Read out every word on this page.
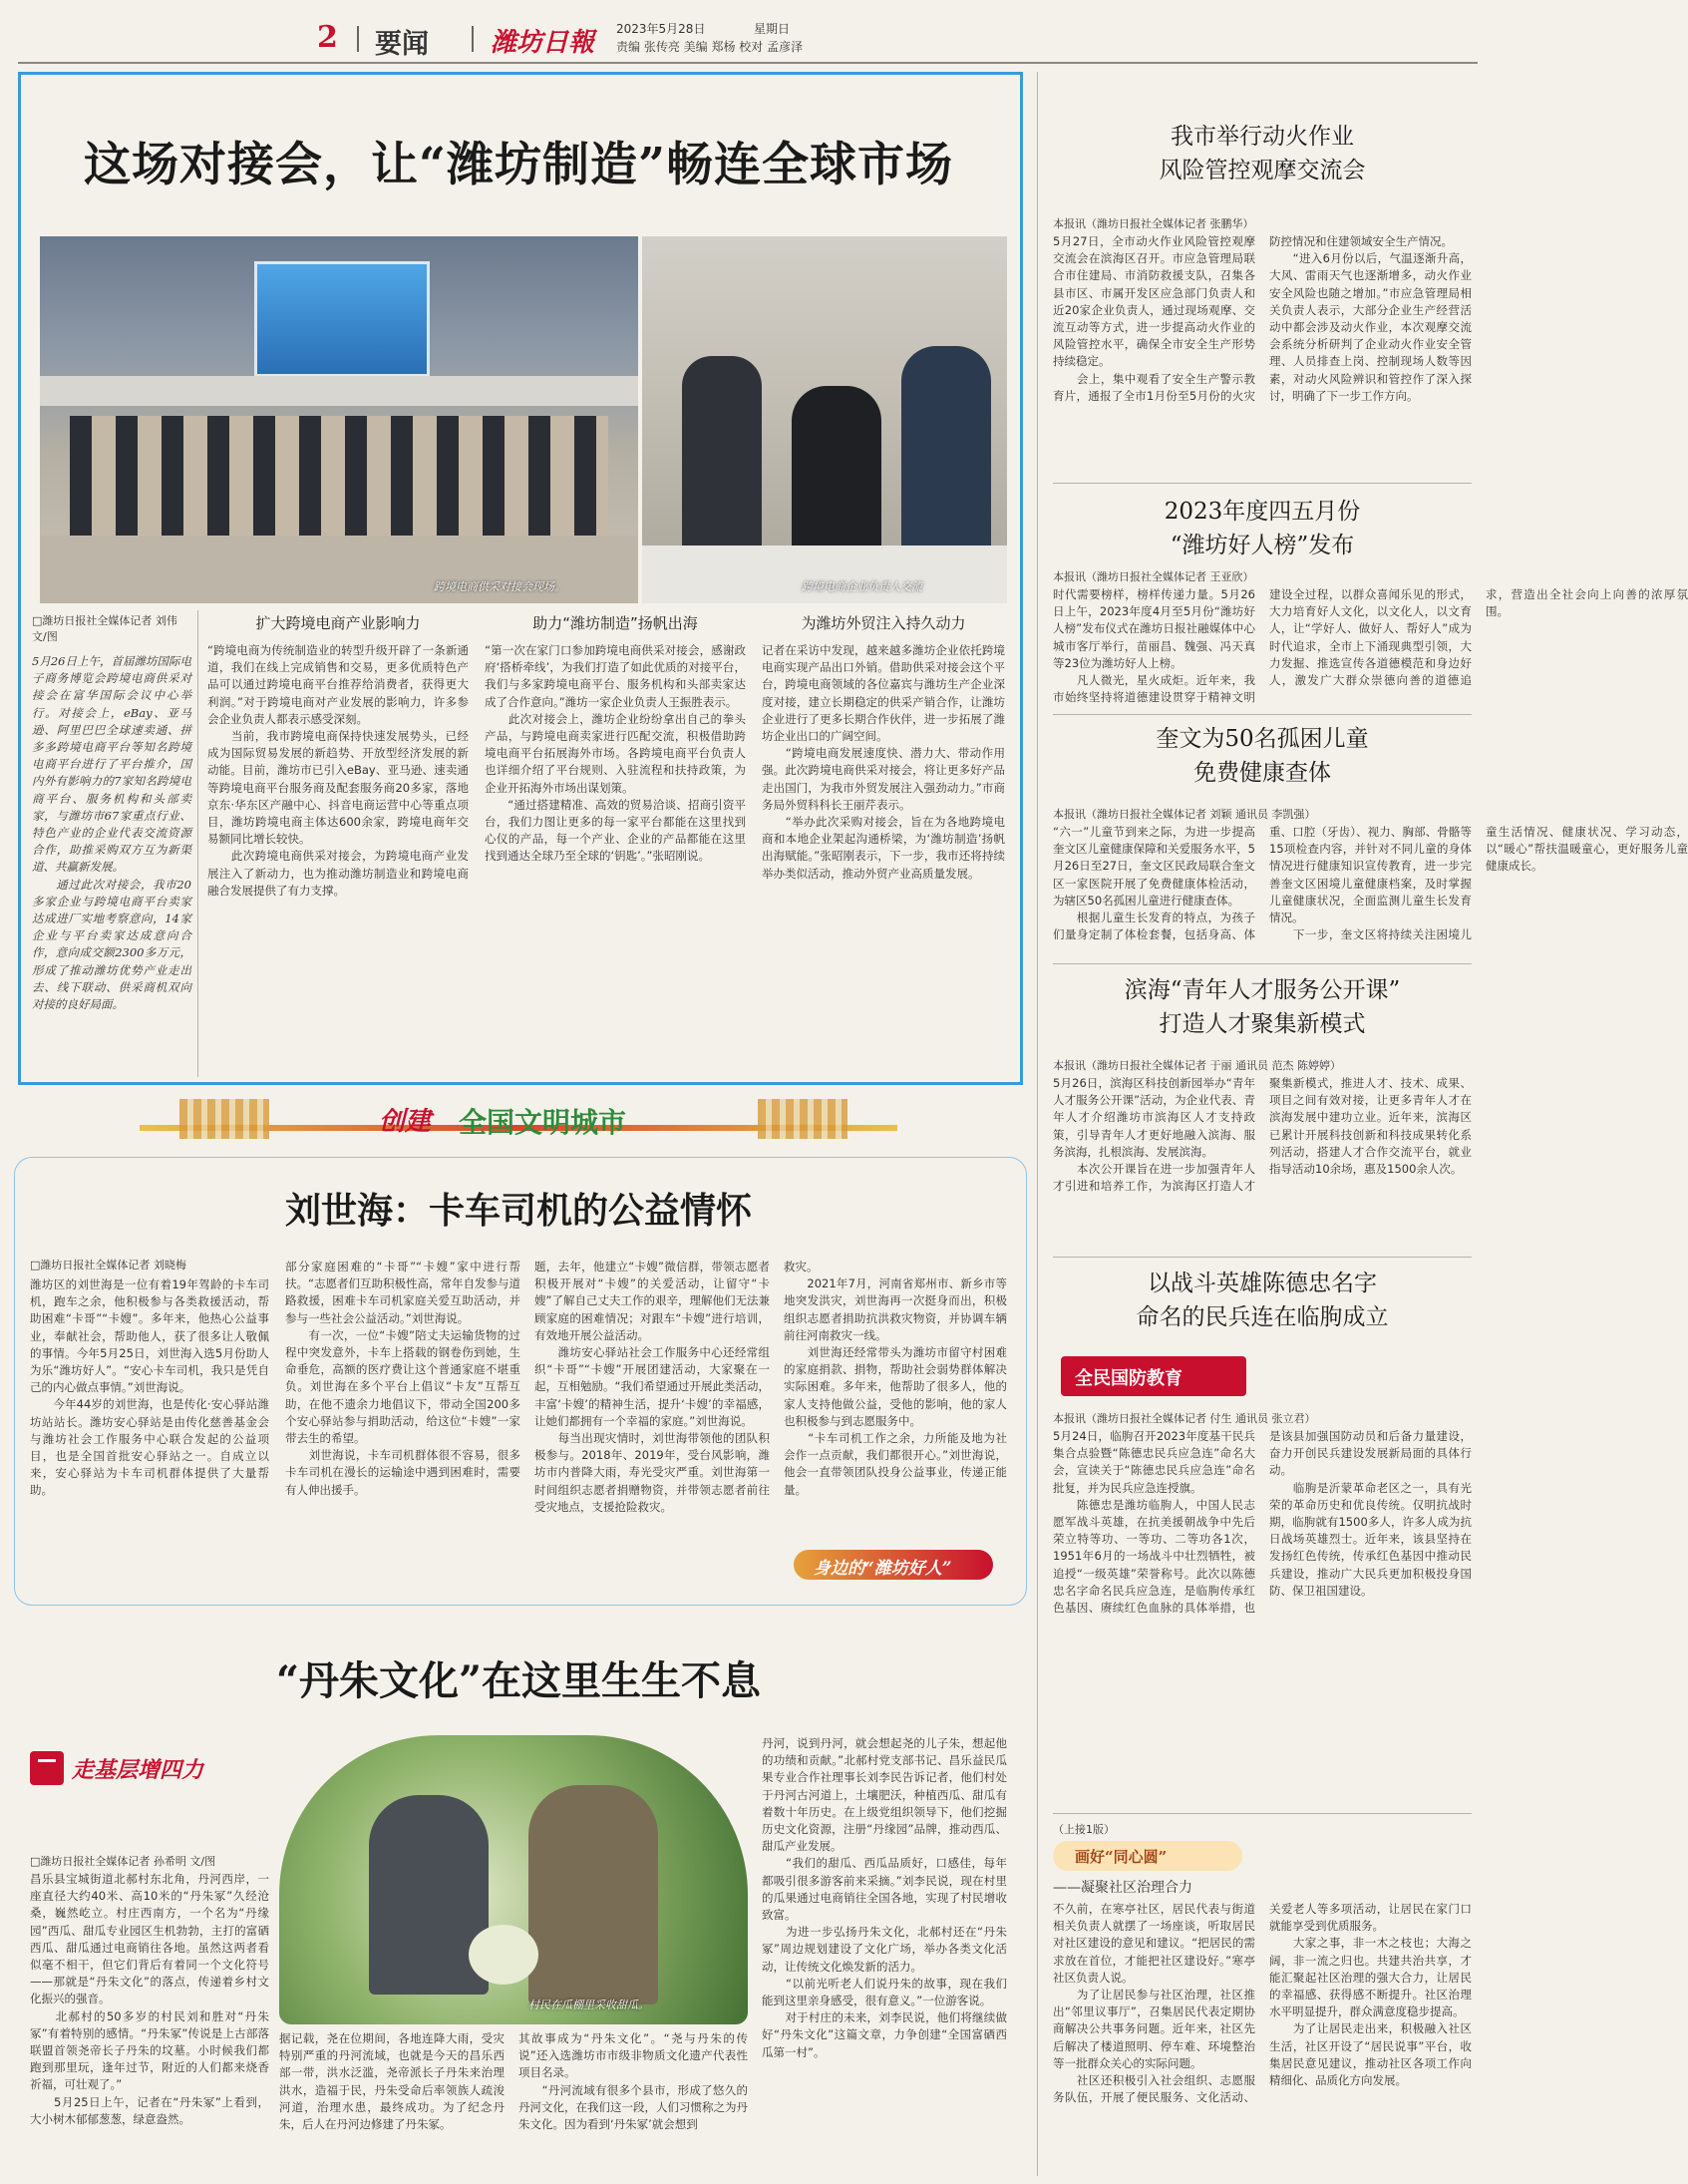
2 要闻 潍坊日報 2023年5月28日	星期日
责编 张传亮 美编 郑杨 校对 孟彦泽
这场对接会，让“潍坊制造”畅连全球市场
跨境电商供采对接会现场。	跨境电商企业负责人交流
□潍坊日报社全媒体记者 刘伟 文/图
5月26日上午，首届潍坊国际电子商务博览会跨境电商供采对接会在富华国际会议中心举行。对接会上，eBay、亚马逊、阿里巴巴全球速卖通、拼多多跨境电商平台等知名跨境电商平台进行了平台推介，国内外有影响力的7家知名跨境电商平台、服务机构和头部卖家，与潍坊市67家重点行业、特色产业的企业代表交流资源合作，助推采购双方互为新渠道、共赢新发展。
　　通过此次对接会，我市20多家企业与跨境电商平台卖家达成进厂实地考察意向，14家企业与平台卖家达成意向合作，意向成交额2300多万元，形成了推动潍坊优势产业走出去、线下联动、供采商机双向对接的良好局面。
扩大跨境电商产业影响力
“跨境电商为传统制造业的转型升级开辟了一条新通道，我们在线上完成销售和交易，更多优质特色产品可以通过跨境电商平台推荐给消费者，获得更大利润。”对于跨境电商对产业发展的影响力，许多参会企业负责人都表示感受深刻。
　　当前，我市跨境电商保持快速发展势头，已经成为国际贸易发展的新趋势、开放型经济发展的新动能。目前，潍坊市已引入eBay、亚马逊、速卖通等跨境电商平台服务商及配套服务商20多家，落地京东·华东区产融中心、抖音电商运营中心等重点项目，潍坊跨境电商主体达600余家，跨境电商年交易额同比增长较快。
　　此次跨境电商供采对接会，为跨境电商产业发展注入了新动力，也为推动潍坊制造业和跨境电商融合发展提供了有力支撑。
助力“潍坊制造”扬帆出海
“第一次在家门口参加跨境电商供采对接会，感谢政府‘搭桥牵线’，为我们打造了如此优质的对接平台，我们与多家跨境电商平台、服务机构和头部卖家达成了合作意向。”潍坊一家企业负责人王振胜表示。
　　此次对接会上，潍坊企业纷纷拿出自己的拳头产品，与跨境电商卖家进行匹配交流，积极借助跨境电商平台拓展海外市场。各跨境电商平台负责人也详细介绍了平台规则、入驻流程和扶持政策，为企业开拓海外市场出谋划策。
　　“通过搭建精准、高效的贸易洽谈、招商引资平台，我们力图让更多的每一家平台都能在这里找到心仪的产品，每一个产业、企业的产品都能在这里找到通达全球乃至全球的‘钥匙’。”张昭刚说。
为潍坊外贸注入持久动力
记者在采访中发现，越来越多潍坊企业依托跨境电商实现产品出口外销。借助供采对接会这个平台，跨境电商领域的各位嘉宾与潍坊生产企业深度对接，建立长期稳定的供采产销合作，让潍坊企业进行了更多长期合作伙伴，进一步拓展了潍坊企业出口的广阔空间。
　　“跨境电商发展速度快、潜力大、带动作用强。此次跨境电商供采对接会，将让更多好产品走出国门，为我市外贸发展注入强劲动力。”市商务局外贸科科长王丽芹表示。
　　“举办此次采购对接会，旨在为各地跨境电商和本地企业架起沟通桥梁，为‘潍坊制造’扬帆出海赋能。”张昭刚表示，下一步，我市还将持续举办类似活动，推动外贸产业高质量发展。
创建 全国文明城市
刘世海：卡车司机的公益情怀
□潍坊日报社全媒体记者 刘晓梅
潍坊区的刘世海是一位有着19年驾龄的卡车司机，跑车之余，他积极参与各类救援活动，帮助困难“卡哥”“卡嫂”。多年来，他热心公益事业，奉献社会，帮助他人，获了很多让人敬佩的事情。今年5月25日，刘世海入选5月份助人为乐“潍坊好人”。“安心卡车司机，我只是凭自己的内心做点事情。”刘世海说。
　　今年44岁的刘世海，也是传化·安心驿站潍坊站站长。潍坊安心驿站是由传化慈善基金会与潍坊社会工作服务中心联合发起的公益项目，也是全国首批安心驿站之一。自成立以来，安心驿站为卡车司机群体提供了大量帮助。
部分家庭困难的“卡哥”“卡嫂”家中进行帮扶。“志愿者们互助积极性高，常年自发参与道路救援，困难卡车司机家庭关爱互助活动，并参与一些社会公益活动。”刘世海说。
　　有一次，一位“卡嫂”陪丈夫运输货物的过程中突发意外，卡车上搭载的钢卷伤到她，生命垂危，高额的医疗费让这个普通家庭不堪重负。刘世海在多个平台上倡议“卡友”互帮互助，在他不遗余力地倡议下，带动全国200多个安心驿站参与捐助活动，给这位“卡嫂”一家带去生的希望。
　　刘世海说，卡车司机群体很不容易，很多卡车司机在漫长的运输途中遇到困难时，需要有人伸出援手。
题，去年，他建立“卡嫂”微信群，带领志愿者积极开展对“卡嫂”的关爱活动，让留守“卡嫂”了解自己丈夫工作的艰辛，理解他们无法兼顾家庭的困难情况；对跟车“卡嫂”进行培训，有效地开展公益活动。
　　潍坊安心驿站社会工作服务中心还经常组织“卡哥”“卡嫂”开展团建活动，大家聚在一起，互相勉励。“我们希望通过开展此类活动，丰富‘卡嫂’的精神生活，提升‘卡嫂’的幸福感，让她们都拥有一个幸福的家庭。”刘世海说。
　　每当出现灾情时，刘世海带领他的团队积极参与。2018年、2019年，受台风影响，潍坊市内普降大雨，寿光受灾严重。刘世海第一时间组织志愿者捐赠物资，并带领志愿者前往受灾地点，支援抢险救灾。
救灾。
　　2021年7月，河南省郑州市、新乡市等地突发洪灾，刘世海再一次挺身而出，积极组织志愿者捐助抗洪救灾物资，并协调车辆前往河南救灾一线。
　　刘世海还经常带头为潍坊市留守村困难的家庭捐款、捐物，帮助社会弱势群体解决实际困难。多年来，他帮助了很多人，他的家人支持他做公益，受他的影响，他的家人也积极参与到志愿服务中。
　　“卡车司机工作之余，力所能及地为社会作一点贡献，我们都很开心。”刘世海说，他会一直带领团队投身公益事业，传递正能量。
身边的“潍坊好人”
“丹朱文化”在这里生生不息
走基层增四力
□潍坊日报社全媒体记者 孙希明 文/图
昌乐县宝城街道北郝村东北角，丹河西岸，一座直径大约40米、高10米的“丹朱冢”久经沧桑，巍然屹立。村庄西南方，一个名为“丹缘园”西瓜、甜瓜专业园区生机勃勃，主打的富硒西瓜、甜瓜通过电商销往各地。虽然这两者看似毫不相干，但它们背后有着同一个文化符号——那就是“丹朱文化”的落点，传递着乡村文化振兴的强音。
　　北郝村的50多岁的村民刘和胜对“丹朱冢”有着特别的感情。“丹朱冢”传说是上古部落联盟首领尧帝长子丹朱的坟墓。小时候我们都跑到那里玩，逢年过节，附近的人们都来烧香祈福，可壮观了。”
　　5月25日上午，记者在“丹朱冢”上看到，大小树木郁郁葱葱，绿意盎然。
村民在瓜棚里采收甜瓜。
据记载，尧在位期间，各地连降大雨，受灾特别严重的丹河流域，也就是今天的昌乐西部一带，洪水泛滥，尧帝派长子丹朱来治理洪水，造福于民，丹朱受命后率领族人疏浚河道，治理水患，最终成功。为了纪念丹朱，后人在丹河边修建了丹朱冢。
其故事成为“丹朱文化”。“尧与丹朱的传说”还入选潍坊市市级非物质文化遗产代表性项目名录。
　　“丹河流域有很多个县市，形成了悠久的丹河文化，在我们这一段，人们习惯称之为丹朱文化。因为看到‘丹朱冢’就会想到
丹河，说到丹河，就会想起尧的儿子朱，想起他的功绩和贡献。”北郝村党支部书记、昌乐益民瓜果专业合作社理事长刘李民告诉记者，他们村处于丹河古河道上，土壤肥沃，种植西瓜、甜瓜有着数十年历史。在上级党组织领导下，他们挖掘历史文化资源，注册“丹缘园”品牌，推动西瓜、甜瓜产业发展。
　　“我们的甜瓜、西瓜品质好，口感佳，每年都吸引很多游客前来采摘。”刘李民说，现在村里的瓜果通过电商销往全国各地，实现了村民增收致富。
　　为进一步弘扬丹朱文化，北郝村还在“丹朱冢”周边规划建设了文化广场，举办各类文化活动，让传统文化焕发新的活力。
　　“以前光听老人们说丹朱的故事，现在我们能到这里亲身感受，很有意义。”一位游客说。
　　对于村庄的未来，刘李民说，他们将继续做好“丹朱文化”这篇文章，力争创建“全国富硒西瓜第一村”。
我市举行动火作业
风险管控观摩交流会
本报讯（潍坊日报社全媒体记者 张鹏华）
5月27日，全市动火作业风险管控观摩交流会在滨海区召开。市应急管理局联合市住建局、市消防救援支队，召集各县市区、市属开发区应急部门负责人和近20家企业负责人，通过现场观摩、交流互动等方式，进一步提高动火作业的风险管控水平，确保全市安全生产形势持续稳定。
　　会上，集中观看了安全生产警示教育片，通报了全市1月份至5月份的火灾防控情况和住建领域安全生产情况。
　　“进入6月份以后，气温逐渐升高，大风、雷雨天气也逐渐增多，动火作业安全风险也随之增加。”市应急管理局相关负责人表示，大部分企业生产经营活动中都会涉及动火作业，本次观摩交流会系统分析研判了企业动火作业安全管理、人员排查上岗、控制现场人数等因素，对动火风险辨识和管控作了深入探讨，明确了下一步工作方向。
2023年度四五月份
“潍坊好人榜”发布
本报讯（潍坊日报社全媒体记者 王亚欣）
时代需要榜样，榜样传递力量。5月26日上午，2023年度4月至5月份“潍坊好人榜”发布仪式在潍坊日报社融媒体中心城市客厅举行，苗丽昌、魏强、冯天真等23位为潍坊好人上榜。
　　凡人微光，星火成炬。近年来，我市始终坚持将道德建设贯穿于精神文明建设全过程，以群众喜闻乐见的形式，大力培育好人文化，以文化人，以文育人，让“学好人、做好人、帮好人”成为时代追求，全市上下涌现典型引领，大力发掘、推选宣传各道德模范和身边好人，激发广大群众崇德向善的道德追求，营造出全社会向上向善的浓厚氛围。
奎文为50名孤困儿童
免费健康查体
本报讯（潍坊日报社全媒体记者 刘颖 通讯员 李凯强）
“六一”儿童节到来之际，为进一步提高奎文区儿童健康保障和关爱服务水平，5月26日至27日，奎文区民政局联合奎文区一家医院开展了免费健康体检活动，为辖区50名孤困儿童进行健康查体。
　　根据儿童生长发育的特点，为孩子们量身定制了体检套餐，包括身高、体重、口腔（牙齿）、视力、胸部、骨骼等15项检查内容，并针对不同儿童的身体情况进行健康知识宣传教育，进一步完善奎文区困境儿童健康档案，及时掌握儿童健康状况，全面监测儿童生长发育情况。
　　下一步，奎文区将持续关注困境儿童生活情况、健康状况、学习动态，以“暖心”帮扶温暖童心，更好服务儿童健康成长。
滨海“青年人才服务公开课”
打造人才聚集新模式
本报讯（潍坊日报社全媒体记者 于丽 通讯员 范杰 陈婷婷）
5月26日，滨海区科技创新园举办“青年人才服务公开课”活动，为企业代表、青年人才介绍潍坊市滨海区人才支持政策，引导青年人才更好地融入滨海、服务滨海，扎根滨海、发展滨海。
　　本次公开课旨在进一步加强青年人才引进和培养工作，为滨海区打造人才聚集新模式，推进人才、技术、成果、项目之间有效对接，让更多青年人才在滨海发展中建功立业。近年来，滨海区已累计开展科技创新和科技成果转化系列活动，搭建人才合作交流平台，就业指导活动10余场，惠及1500余人次。
以战斗英雄陈德忠名字
命名的民兵连在临朐成立
全民国防教育
本报讯（潍坊日报社全媒体记者 付生 通讯员 张立君）
5月24日，临朐召开2023年度基干民兵集合点验暨“陈德忠民兵应急连”命名大会，宣读关于“陈德忠民兵应急连”命名批复，并为民兵应急连授旗。
　　陈德忠是潍坊临朐人，中国人民志愿军战斗英雄，在抗美援朝战争中先后荣立特等功、一等功、二等功各1次，1951年6月的一场战斗中壮烈牺牲，被追授“一级英雄”荣誉称号。此次以陈德忠名字命名民兵应急连，是临朐传承红色基因、赓续红色血脉的具体举措，也是该县加强国防动员和后备力量建设，奋力开创民兵建设发展新局面的具体行动。
　　临朐是沂蒙革命老区之一，具有光荣的革命历史和优良传统。仅明抗战时期，临朐就有1500多人，许多人成为抗日战场英雄烈士。近年来，该县坚持在发扬红色传统，传承红色基因中推动民兵建设，推动广大民兵更加积极投身国防、保卫祖国建设。
（上接1版）
画好“同心圆”
——凝聚社区治理合力
不久前，在寒亭社区，居民代表与街道相关负责人就摆了一场座谈，听取居民对社区建设的意见和建议。“把居民的需求放在首位，才能把社区建设好。”寒亭社区负责人说。
　　为了让居民参与社区治理，社区推出“邻里议事厅”，召集居民代表定期协商解决公共事务问题。近年来，社区先后解决了楼道照明、停车难、环境整治等一批群众关心的实际问题。
　　社区还积极引入社会组织、志愿服务队伍，开展了便民服务、文化活动、关爱老人等多项活动，让居民在家门口就能享受到优质服务。
　　大家之事，非一木之枝也；大海之阔，非一流之归也。共建共治共享，才能汇聚起社区治理的强大合力，让居民的幸福感、获得感不断提升。社区治理水平明显提升，群众满意度稳步提高。
　　为了让居民走出来，积极融入社区生活，社区开设了“居民说事”平台，收集居民意见建议，推动社区各项工作向精细化、品质化方向发展。
